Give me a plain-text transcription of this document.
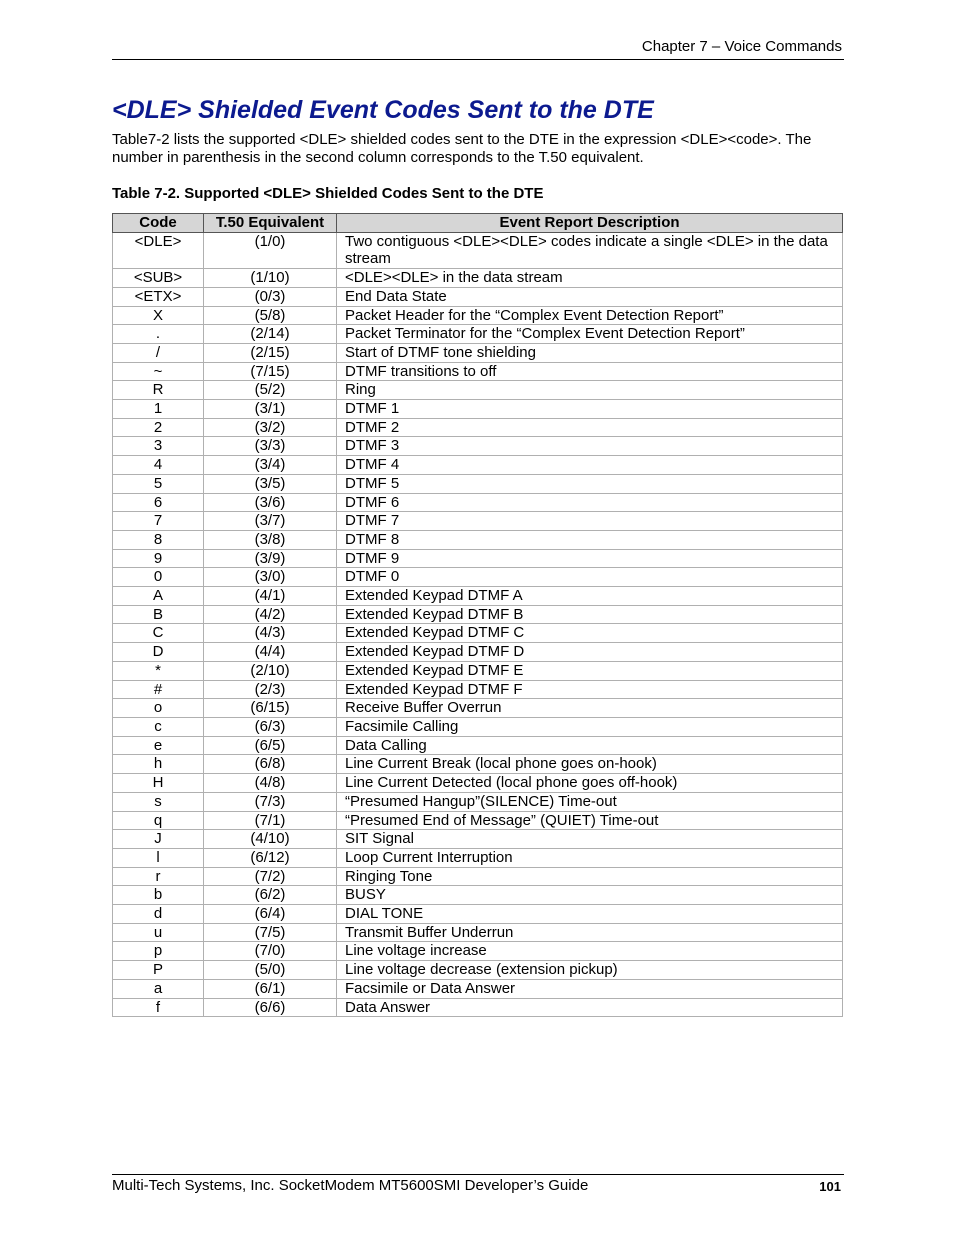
Chapter 7 – Voice Commands
<DLE> Shielded Event Codes Sent to the DTE

Table7-2 lists the supported <DLE> shielded codes sent to the DTE in the expression <DLE><code>. The number in parenthesis in the second column corresponds to the T.50 equivalent.

Table 7-2. Supported <DLE> Shielded Codes Sent to the DTE

Code	T.50 Equivalent	Event Report Description
<DLE>	(1/0)	Two contiguous <DLE><DLE> codes indicate a single <DLE> in the data stream
<SUB>	(1/10)	<DLE><DLE> in the data stream
<ETX>	(0/3)	End Data State
X	(5/8)	Packet Header for the “Complex Event Detection Report”
.	(2/14)	Packet Terminator for the “Complex Event Detection Report”
/	(2/15)	Start of DTMF tone shielding
~	(7/15)	DTMF transitions to off
R	(5/2)	Ring
1	(3/1)	DTMF 1
2	(3/2)	DTMF 2
3	(3/3)	DTMF 3
4	(3/4)	DTMF 4
5	(3/5)	DTMF 5
6	(3/6)	DTMF 6
7	(3/7)	DTMF 7
8	(3/8)	DTMF 8
9	(3/9)	DTMF 9
0	(3/0)	DTMF 0
A	(4/1)	Extended Keypad DTMF A
B	(4/2)	Extended Keypad DTMF B
C	(4/3)	Extended Keypad DTMF C
D	(4/4)	Extended Keypad DTMF D
*	(2/10)	Extended Keypad DTMF E
#	(2/3)	Extended Keypad DTMF F
o	(6/15)	Receive Buffer Overrun
c	(6/3)	Facsimile Calling
e	(6/5)	Data Calling
h	(6/8)	Line Current Break (local phone goes on-hook)
H	(4/8)	Line Current Detected (local phone goes off-hook)
s	(7/3)	“Presumed Hangup”(SILENCE) Time-out
q	(7/1)	“Presumed End of Message” (QUIET) Time-out
J	(4/10)	SIT Signal
l	(6/12)	Loop Current Interruption
r	(7/2)	Ringing Tone
b	(6/2)	BUSY
d	(6/4)	DIAL TONE
u	(7/5)	Transmit Buffer Underrun
p	(7/0)	Line voltage increase
P	(5/0)	Line voltage decrease (extension pickup)
a	(6/1)	Facsimile or Data Answer
f	(6/6)	Data Answer
Multi-Tech Systems, Inc. SocketModem MT5600SMI Developer’s Guide	101
